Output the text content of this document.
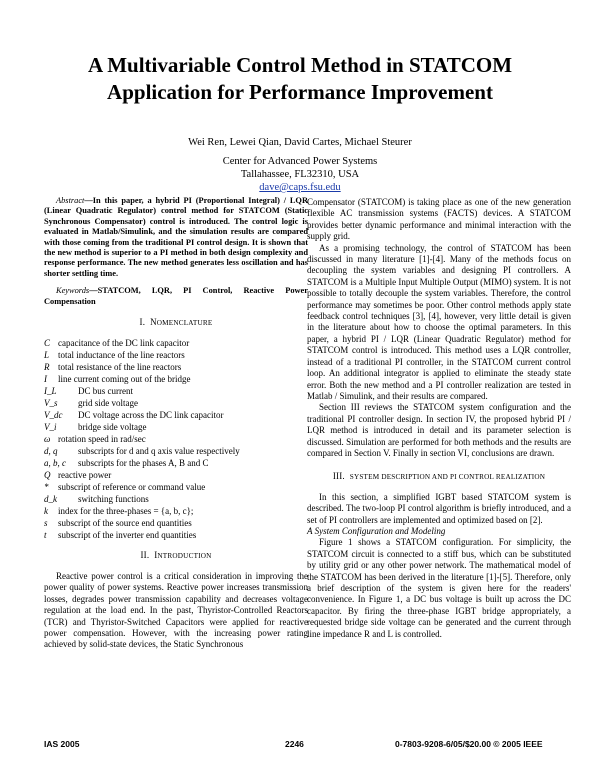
A Multivariable Control Method in STATCOM
Application for Performance Improvement
Wei Ren, Lewei Qian, David Cartes, Michael Steurer
Center for Advanced Power Systems
Tallahassee, FL32310, USA
dave@caps.fsu.edu

Abstract—In this paper, a hybrid PI (Proportional Integral) / LQR (Linear Quadratic Regulator) control method for STATCOM (Static Synchronous Compensator) control is introduced. The control logic is evaluated in Matlab/Simulink, and the simulation results are compared with those coming from the traditional PI control design. It is shown that the new method is superior to a PI method in both design complexity and response performance. The new method generates less oscillation and has shorter settling time.

Keywords—STATCOM, LQR, PI Control, Reactive Power Compensation

I. NOMENCLATURE
C capacitance of the DC link capacitor
L total inductance of the line reactors
R total resistance of the line reactors
I	line current coming out of the bridge
I_L	DC bus current
V_s	grid side voltage
V_dc	DC voltage across the DC link capacitor
V_i	bridge side voltage
ω rotation speed in rad/sec
d, q	subscripts for d and q axis value respectively
a, b, c	subscripts for the phases A, B and C
Q reactive power
*	subscript of reference or command value
d_k	switching functions
k	index for the three-phases = {a, b, c};
s	subscript of the source end quantities
t	subscript of the inverter end quantities
II. INTRODUCTION

Reactive power control is a critical consideration in improving the power quality of power systems. Reactive power increases transmission losses, degrades power transmission capability and decreases voltage regulation at the load end. In the past, Thyristor-Controlled Reactors (TCR) and Thyristor-Switched Capacitors were applied for reactive power compensation. However, with the increasing power rating achieved by solid-state devices, the Static Synchronous

Compensator (STATCOM) is taking place as one of the new generation flexible AC transmission systems (FACTS) devices. A STATCOM provides better dynamic performance and minimal interaction with the supply grid.

As a promising technology, the control of STATCOM has been discussed in many literature [1]-[4]. Many of the methods focus on decoupling the system variables and designing PI controllers. A STATCOM is a Multiple Input Multiple Output (MIMO) system. It is not possible to totally decouple the system variables. Therefore, the control performance may sometimes be poor. Other control methods apply state feedback control techniques [3], [4], however, very little detail is given in the literature about how to choose the optimal parameters. In this paper, a hybrid PI / LQR (Linear Quadratic Regulator) method for STATCOM control is introduced. This method uses a LQR controller, instead of a traditional PI controller, in the STATCOM current control loop. An additional integrator is applied to eliminate the steady state error. Both the new method and a PI controller realization are tested in Matlab / Simulink, and their results are compared.

Section III reviews the STATCOM system configuration and the traditional PI controller design. In section IV, the proposed hybrid PI / LQR method is introduced in detail and its parameter selection is discussed. Simulation are performed for both methods and the results are compared in Section V. Finally in section VI, conclusions are drawn.

III. SYSTEM DESCRIPTION AND PI CONTROL REALIZATION

In this section, a simplified IGBT based STATCOM system is described. The two-loop PI control algorithm is briefly introduced, and a set of PI controllers are implemented and optimized based on [2].

A System Configuration and Modeling

Figure 1 shows a STATCOM configuration. For simplicity, the STATCOM circuit is connected to a stiff bus, which can be substituted by utility grid or any other power network. The mathematical model of the STATCOM has been derived in the literature [1]-[5]. Therefore, only a brief description of the system is given here for the readers' convenience. In Figure 1, a DC bus voltage is built up across the DC capacitor. By firing the three-phase IGBT bridge appropriately, a requested bridge side voltage can be generated and the current through line impedance R and L is controlled.

IAS 2005	2246	0-7803-9208-6/05/$20.00 © 2005 IEEE
